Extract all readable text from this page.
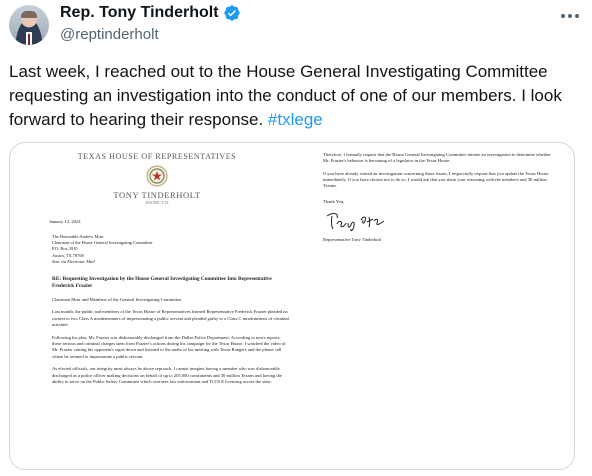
Rep. Tony Tinderholt
@reptinderholt
Last week, I reached out to the House General Investigating Committee requesting an investigation into the conduct of one of our members. I look forward to hearing their response. #txlege
TEXAS HOUSE OF REPRESENTATIVES
TONY TINDERHOLT
DISTRICT 94
January 12, 2024
The Honorable Andrew Murr
Chairman of the House General Investigating Committee
P.O. Box 2910
Austin, TX 78768
Sent via Electronic Mail
RE: Requesting Investigation by the House General Investigating Committee Into Representative Frederick Frazier
Chairman Murr and Members of the General Investigating Committee,
Last month, the public and members of the Texas House of Representatives learned Representative Frederick Frazier pleaded no contest to two Class A misdemeanors of impersonating a public servant and pleaded guilty to a Class C misdemeanor of criminal mischief.
Following his plea, Mr. Frazier was dishonorably discharged from the Dallas Police Department. According to news reports, these serious and criminal charges stem from Frazier's actions during his campaign for the Texas House. I watched the video of Mr. Frazier cutting his opponent's signs down and listened to the audio of his meeting with Texas Rangers and the phone call where he seemed to impersonate a public servant.
As elected officials, our integrity must always be above reproach. I cannot imagine having a member who was dishonorably discharged as a police officer making decisions on behalf of up to 205,000 constituents and 30 million Texans and having the ability to serve on the Public Safety Committee which oversees law enforcement and TCOLE licensing across the state.
Therefore, I formally request that the House General Investigating Committee initiate an investigation to determine whether Mr. Frazier's behavior is becoming of a legislator in the Texas House.
If you have already started an investigation concerning these issues, I respectfully request that you update the Texas House immediately. If you have chosen not to do so, I would ask that you share your reasoning with the members and 30 million Texans.
Thank You,
Representative Tony Tinderholt
